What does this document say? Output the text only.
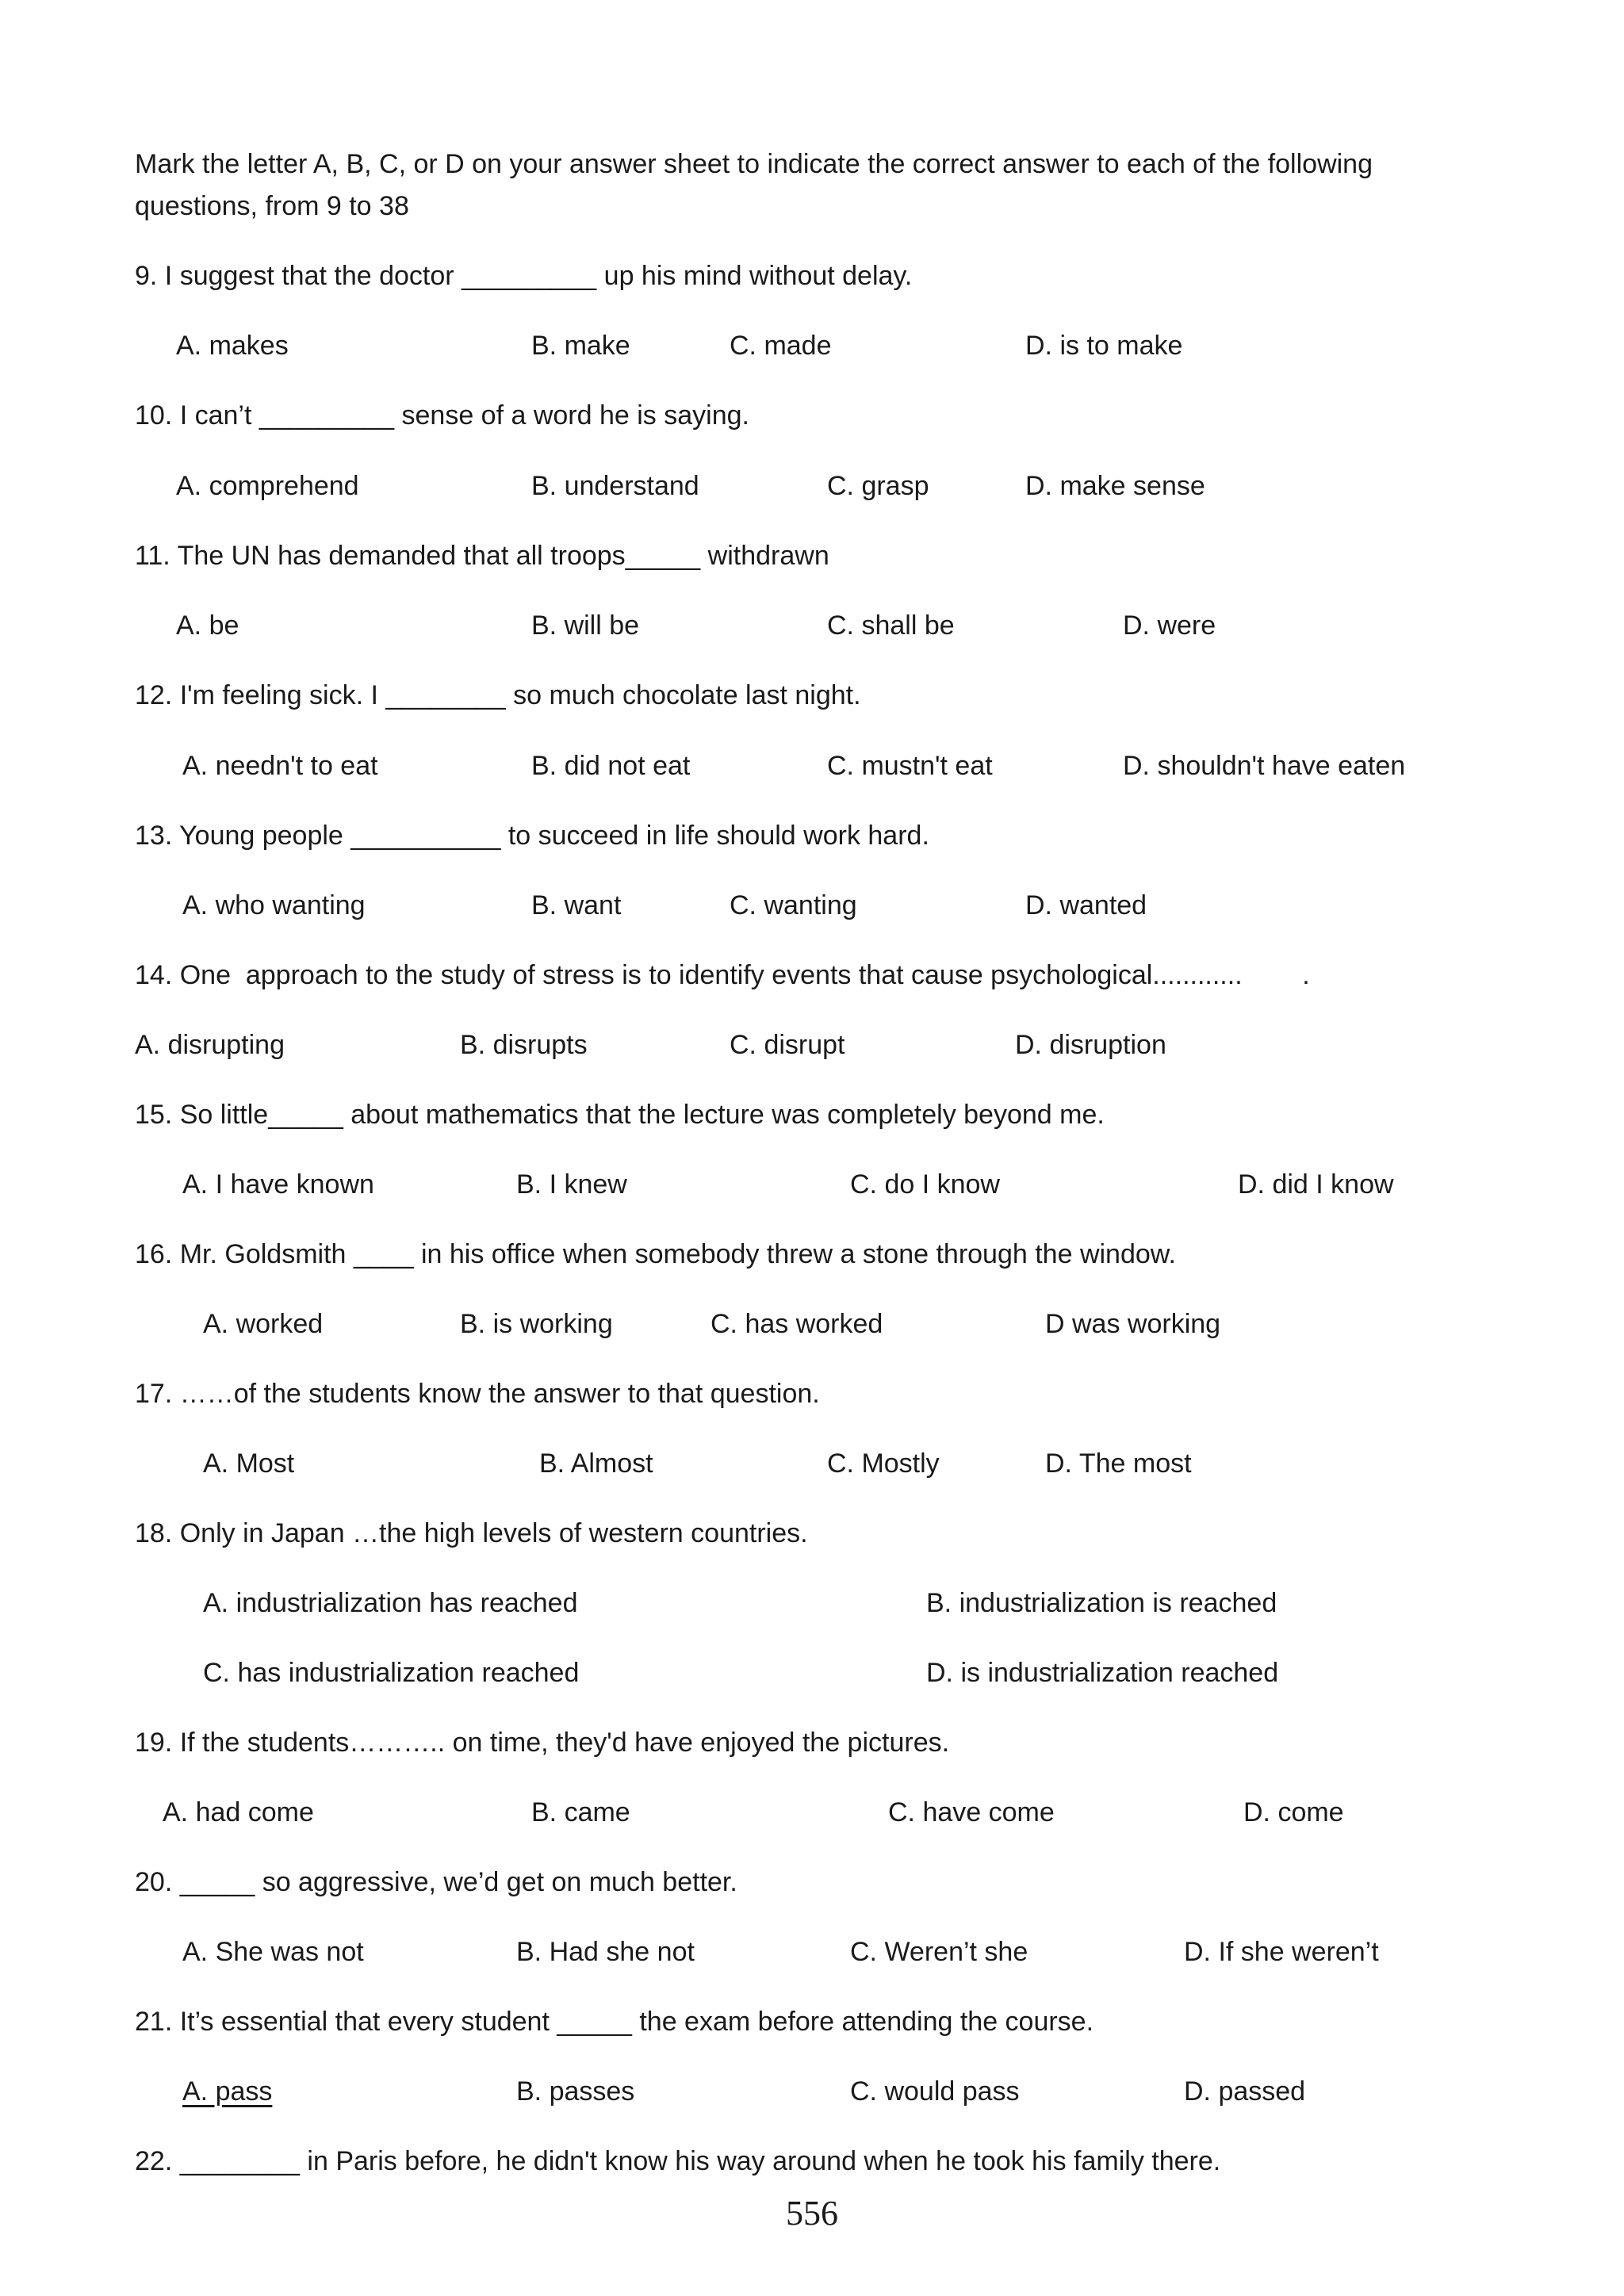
Mark the letter A, B, C, or D on your answer sheet to indicate the correct answer to each of the following
questions, from 9 to 38
9. I suggest that the doctor _________ up his mind without delay.
A. makes	B. make	C. made	D. is to make
10. I can’t _________ sense of a word he is saying.
A. comprehend	B. understand	C. grasp	D. make sense
11. The UN has demanded that all troops_____ withdrawn
A. be	B. will be	C. shall be	D. were
12. I'm feeling sick. I ________ so much chocolate last night.
A. needn't to eat	B. did not eat	C. mustn't eat	D. shouldn't have eaten
13. Young people __________ to succeed in life should work hard.
A. who wanting	B. want	C. wanting	D. wanted
14. One  approach to the study of stress is to identify events that cause psychological............        .
A. disrupting	B. disrupts	C. disrupt	D. disruption
15. So little_____ about mathematics that the lecture was completely beyond me.
A. I have known	B. I knew	C. do I know	D. did I know
16. Mr. Goldsmith ____ in his office when somebody threw a stone through the window.
A. worked	B. is working	C. has worked	D was working
17. ……of the students know the answer to that question.
A. Most	B. Almost	C. Mostly	D. The most
18. Only in Japan …the high levels of western countries.
A. industrialization has reached	B. industrialization is reached
C. has industrialization reached	D. is industrialization reached
19. If the students……….. on time, they'd have enjoyed the pictures.
A. had come	B. came	C. have come	D. come
20. _____ so aggressive, we’d get on much better.
A. She was not	B. Had she not	C. Weren’t she	D. If she weren’t
21. It’s essential that every student _____ the exam before attending the course.
A. pass	B. passes	C. would pass	D. passed
22. ________ in Paris before, he didn't know his way around when he took his family there.
556
